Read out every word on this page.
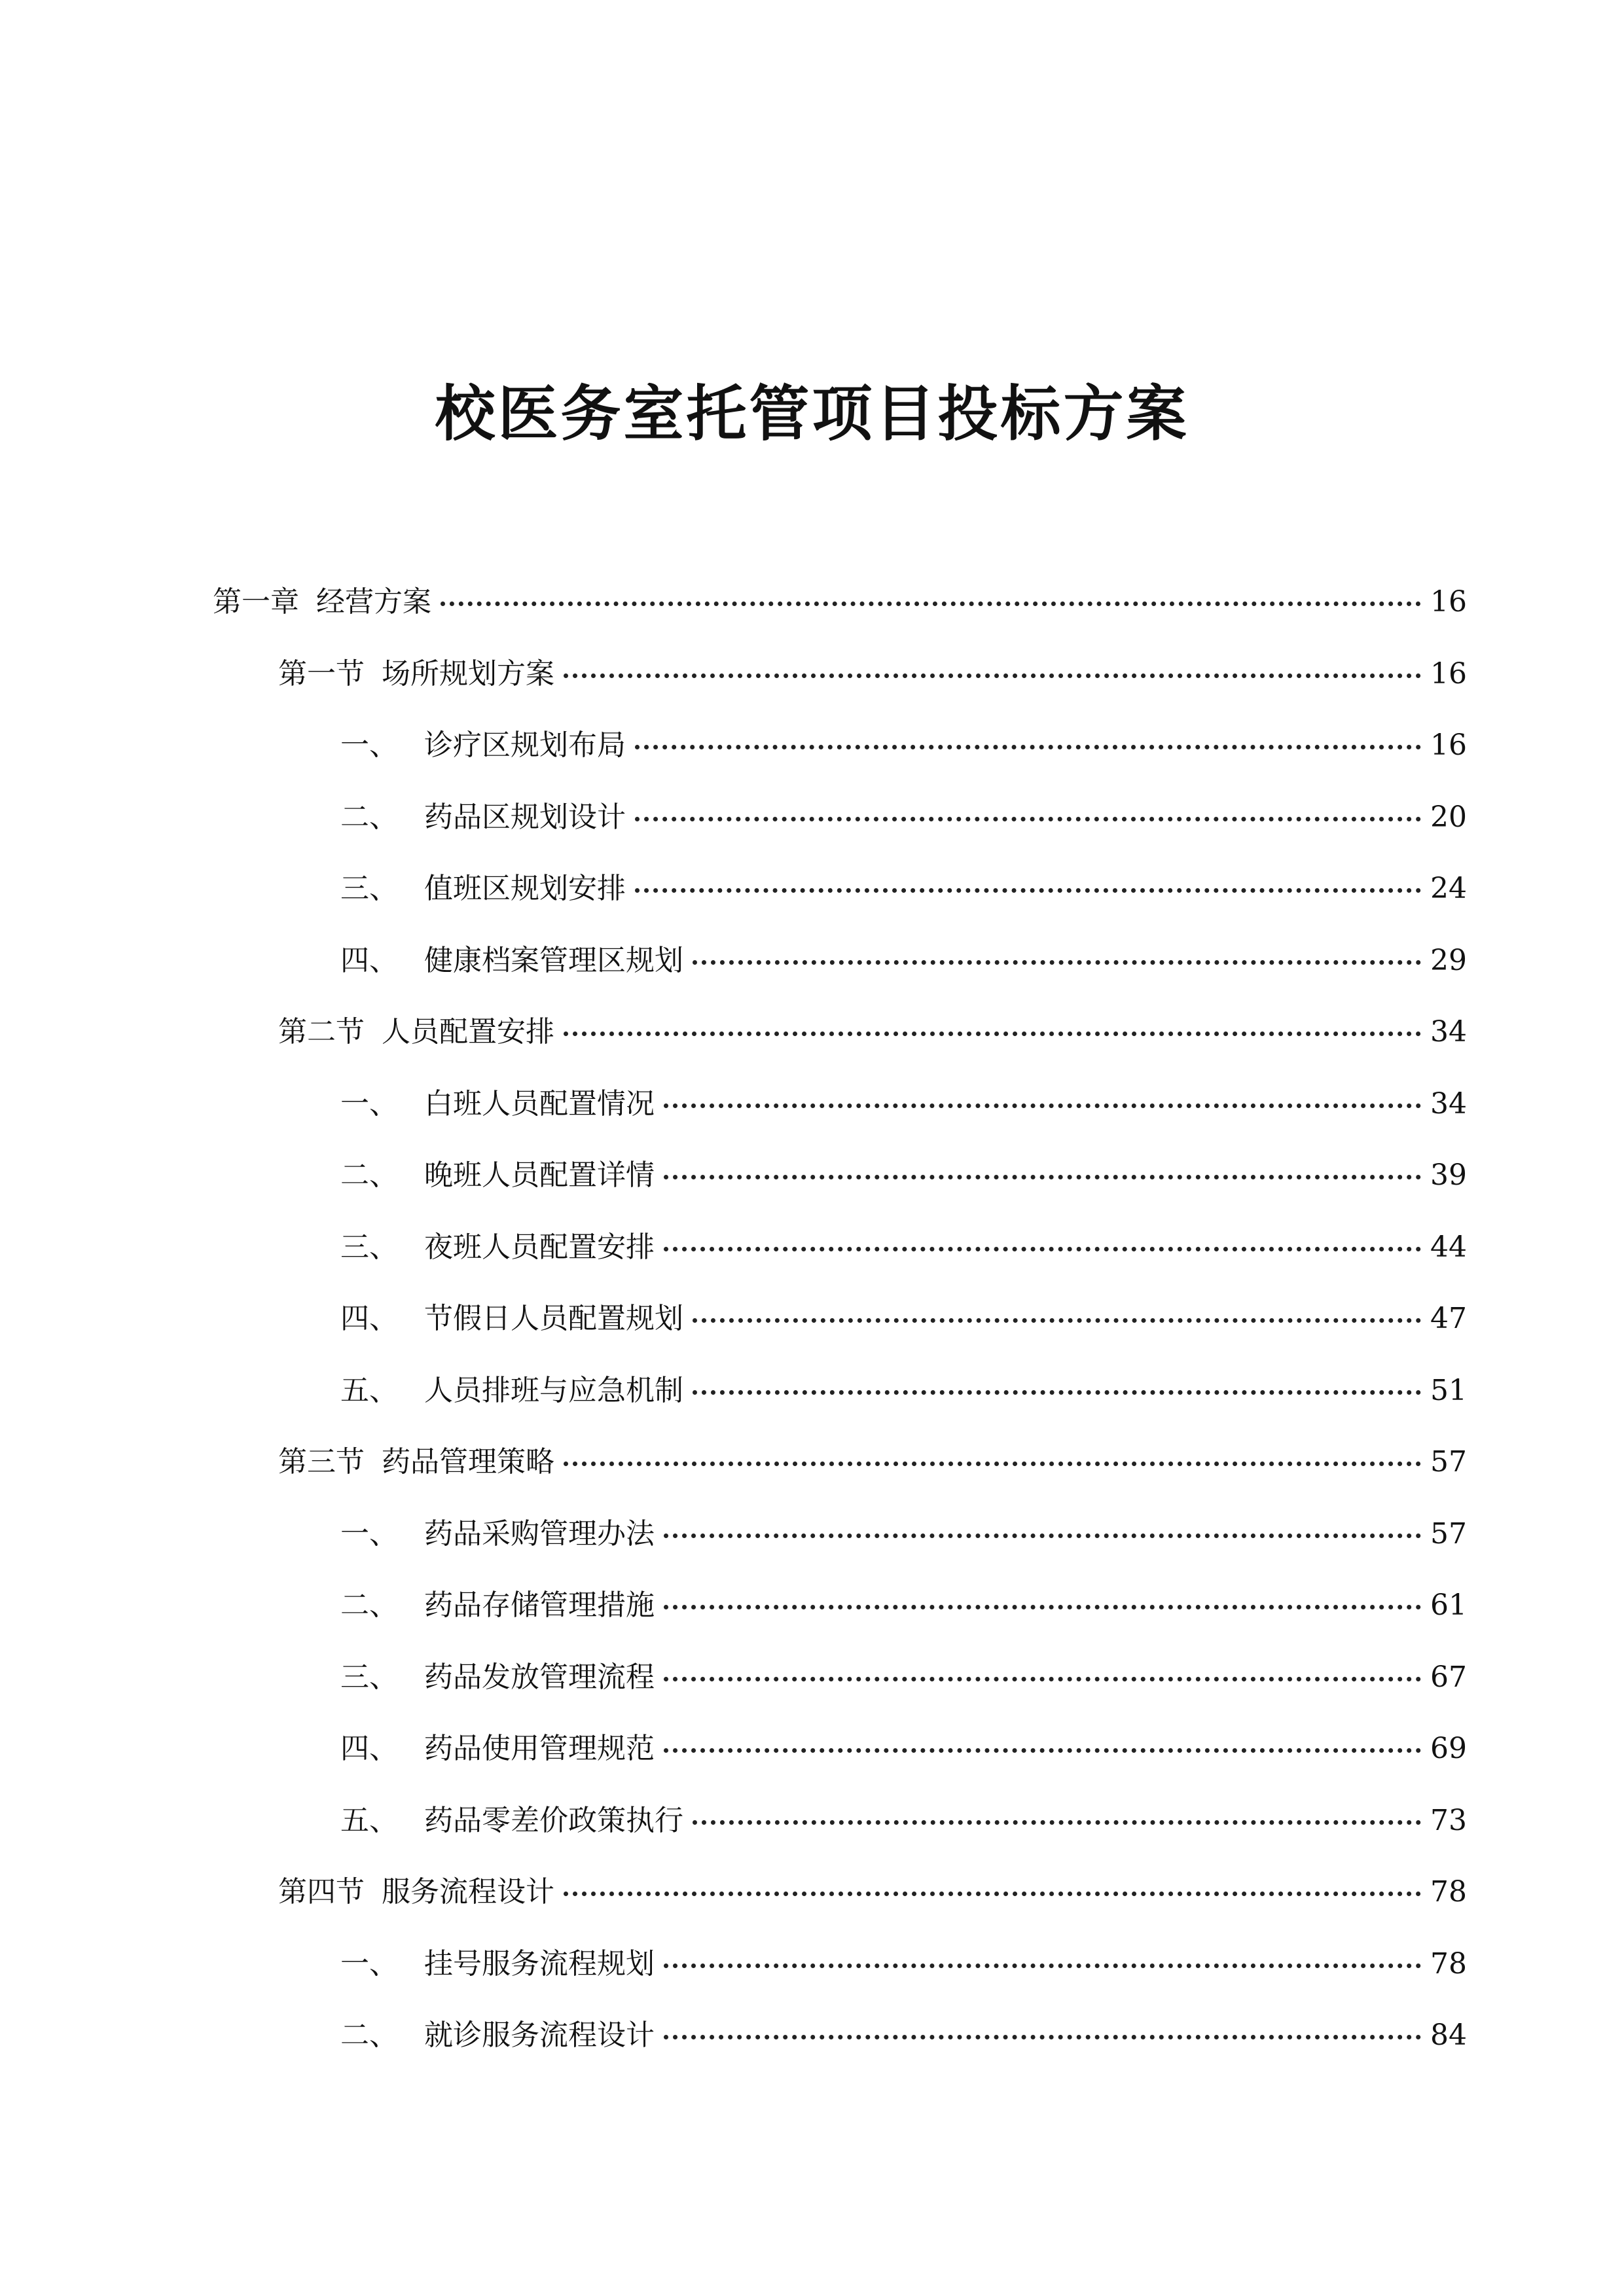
校医务室托管项目投标方案
第一章 经营方案	16
第一节 场所规划方案	16
一、 诊疗区规划布局	16
二、 药品区规划设计	20
三、 值班区规划安排	24
四、 健康档案管理区规划	29
第二节 人员配置安排	34
一、 白班人员配置情况	34
二、 晚班人员配置详情	39
三、 夜班人员配置安排	44
四、 节假日人员配置规划	47
五、 人员排班与应急机制	51
第三节 药品管理策略	57
一、 药品采购管理办法	57
二、 药品存储管理措施	61
三、 药品发放管理流程	67
四、 药品使用管理规范	69
五、 药品零差价政策执行	73
第四节 服务流程设计	78
一、 挂号服务流程规划	78
二、 就诊服务流程设计	84
